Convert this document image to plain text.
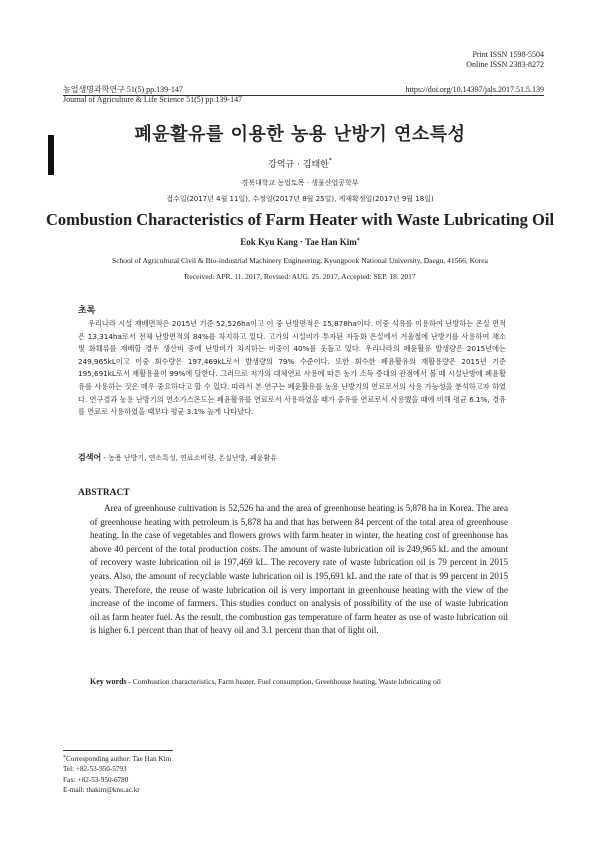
Print ISSN 1598-5504
Online ISSN 2383-8272
농업생명과학연구 51(5) pp.139-147
Journal of Agriculture & Life Science 51(5) pp.139-147
https://doi.org/10.14397/jals.2017.51.5.139
폐윤활유를 이용한 농용 난방기 연소특성
강억규 · 김태한*
경북대학교 농업토목 · 생물산업공학부
접수일(2017년 4월 11일), 수정일(2017년 8월 25일), 게재확정일(2017년 9월 18일)
Combustion Characteristics of Farm Heater with Waste Lubricating Oil
Eok Kyu Kang · Tae Han Kim*
School of Agricultural Civil & Bio-industrial Machinery Engineering, Kyungpook National University, Daegu, 41566, Korea
Received: APR. 11. 2017, Revised: AUG. 25. 2017, Accepted: SEP. 18. 2017
초록

우리나라 시설 재배면적은 2015년 기준 52,526ha이고 이 중 난방면적은 15,878ha이다. 이중 석유를 이용하여 난방하는 온실 면적은 13,314ha로서 전체 난방면적의 84%를 차지하고 있다. 고가의 시설비가 투자된 자동화 온실에서 겨울철에 난방기를 사용하여 채소 및 화훼류를 재배할 경우 생산비 중에 난방비가 차지하는 비중이 40%를 웃돌고 있다. 우리나라의 폐윤활유 발생량은 2015년에는 249,965kL이고 이중 회수량은 197,469kL로서 발생량의 79% 수준이다. 또한 회수한 폐윤활유의 재활용량은 2015년 기준 195,691kL로서 재활용율이 99%에 달한다. 그러므로 저가의 대체연료 사용에 따른 농가 소득 증대의 관점에서 볼 때 시설난방에 폐윤활유를 사용하는 것은 매우 중요하다고 할 수 있다. 따라서 본 연구는 폐윤활유를 농용 난방기의 연료로서의 사용 가능성을 분석하고자 하였다. 연구결과 농용 난방기의 연소가스온도는 폐윤활유를 연료로서 사용하였을 때가 중유를 연료로서 사용했을 때에 비해 평균 6.1%, 경유를 연료로 사용하였을 때보다 평균 3.1% 높게 나타났다.

검색어 - 농용 난방기, 연소특성, 연료소비량, 온실난방, 폐윤활유
ABSTRACT

Area of greenhouse cultivation is 52,526 ha and the area of greenhouse heating is 5,878 ha in Korea. The area of greenhouse heating with petroleum is 5,878 ha and that has between 84 percent of the total area of greenhouse heating. In the case of vegetables and flowers grows with farm heater in winter, the heating cost of greenhouse has above 40 percent of the total production costs. The amount of waste lubrication oil is 249,965 kL and the amount of recovery waste lubrication oil is 197,469 kL. The recovery rate of waste lubrication oil is 79 percent in 2015 years. Also, the amount of recyclable waste lubrication oil is 195,691 kL and the rate of that is 99 percent in 2015 years. Therefore, the reuse of waste lubrication oil is very important in greenhouse heating with the view of the increase of the income of farmers. This studies conduct on analysis of possibility of the use of waste lubrication oil as farm heater fuel. As the result, the combustion gas temperature of farm heater as use of waste lubrication oil is higher 6.1 percent than that of heavy oil and 3.1 percent than that of light oil.

Key words - Combustion characteristics, Farm heater, Fuel consumption, Greenhouse heating, Waste lubricating oil
*Corresponding author: Tae Han Kim
Tel: +82-53-950-5793
Fax: +82-53-950-6780
E-mail: thakim@knu.ac.kr
